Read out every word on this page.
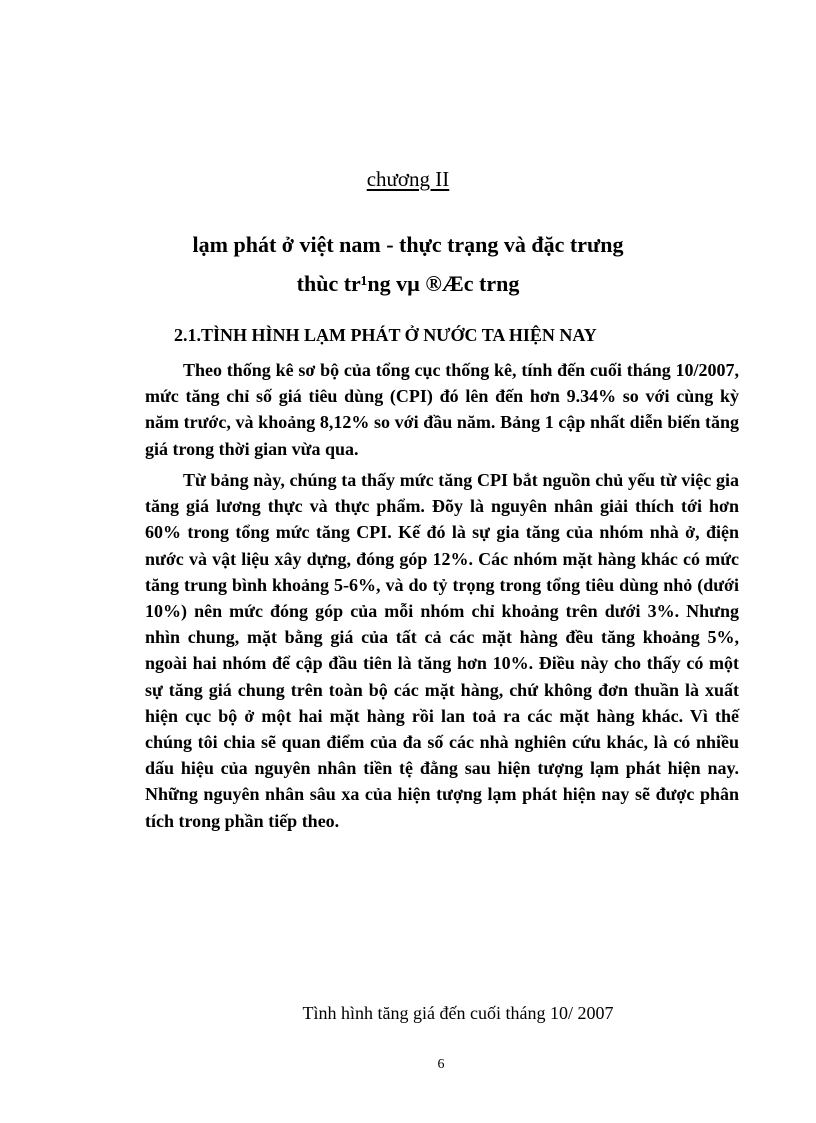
chương II

lạm phát ở việt nam - thực trạng và đặc trưng

thùc tr¹ng vµ ®Æc trng

2.1.TÌNH HÌNH LẠM PHÁT Ở NƯỚC TA HIỆN NAY

Theo thống kê sơ bộ của tổng cục thống kê, tính đến cuối tháng 10/2007, mức tăng chỉ số giá tiêu dùng (CPI) đó lên đến hơn 9.34% so với cùng kỳ năm trước, và khoảng 8,12% so với đầu năm. Bảng 1 cập nhất diễn biến tăng giá trong thời gian vừa qua.

Từ bảng này, chúng ta thấy mức tăng CPI bắt nguồn chủ yếu từ việc gia tăng giá lương thực và thực phẩm. Đõy là nguyên nhân giải thích tới hơn 60% trong tổng mức tăng CPI. Kế đó là sự gia tăng của nhóm nhà ở, điện nước và vật liệu xây dựng, đóng góp 12%. Các nhóm mặt hàng khác có mức tăng trung bình khoảng 5-6%, và do tỷ trọng trong tổng tiêu dùng nhỏ (dưới 10%) nên mức đóng góp của mỗi nhóm chỉ khoảng trên dưới 3%. Nhưng nhìn chung, mặt bằng giá của tất cả các mặt hàng đều tăng khoảng 5%, ngoài hai nhóm để cập đầu tiên là tăng hơn 10%. Điều này cho thấy có một sự tăng giá chung trên toàn bộ các mặt hàng, chứ không đơn thuần là xuất hiện cục bộ ở một hai mặt hàng rồi lan toả ra các mặt hàng khác. Vì thế chúng tôi chia sẽ quan điểm của đa số các nhà nghiên cứu khác, là có nhiều dấu hiệu của nguyên nhân tiền tệ đằng sau hiện tượng lạm phát hiện nay. Những nguyên nhân sâu xa của hiện tượng lạm phát hiện nay sẽ được phân tích trong phần tiếp theo.

Tình hình tăng giá đến cuối tháng 10/ 2007

6
